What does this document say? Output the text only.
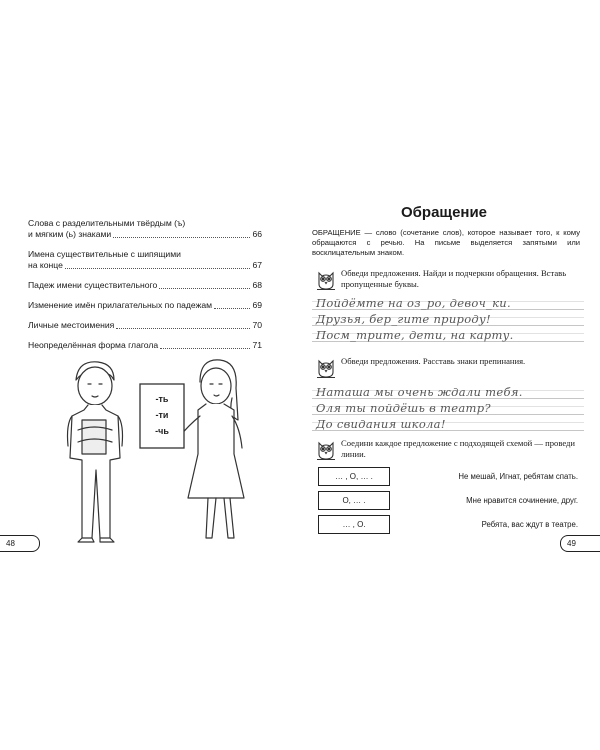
Слова с разделительными твёрдым (ъ)
и мягким (ь) знаками	66
Имена существительные с шипящими
на конце	67
Падеж имени существительного	68
Изменение имён прилагательных по падежам	69
Личные местоимения	70
Неопределённая форма глагола	71
-ть
-ти
-чь
48
Обращение
ОБРАЩЕНИЕ — слово (сочетание слов), которое называет того, к кому обращаются с речью. На письме выделяется запятыми или восклицательным знаком.
Обведи предложения. Найди и подчеркни обращения. Вставь пропущенные буквы.
Пойдёмте на оз_ро, девоч_ки.
Друзья, бер_гите природу!
Посм_трите, дети, на карту.
Обведи предложения. Расставь знаки препинания.
Наташа мы очень ждали тебя.
Оля ты пойдёшь в театр?
До свидания школа!
Соедини каждое предложение с подходящей схемой — проведи линии.
… , О, … .	Не мешай, Игнат, ребятам спать.
О, … .	Мне нравится сочинение, друг.
… , О.	Ребята, вас ждут в театре.
49
